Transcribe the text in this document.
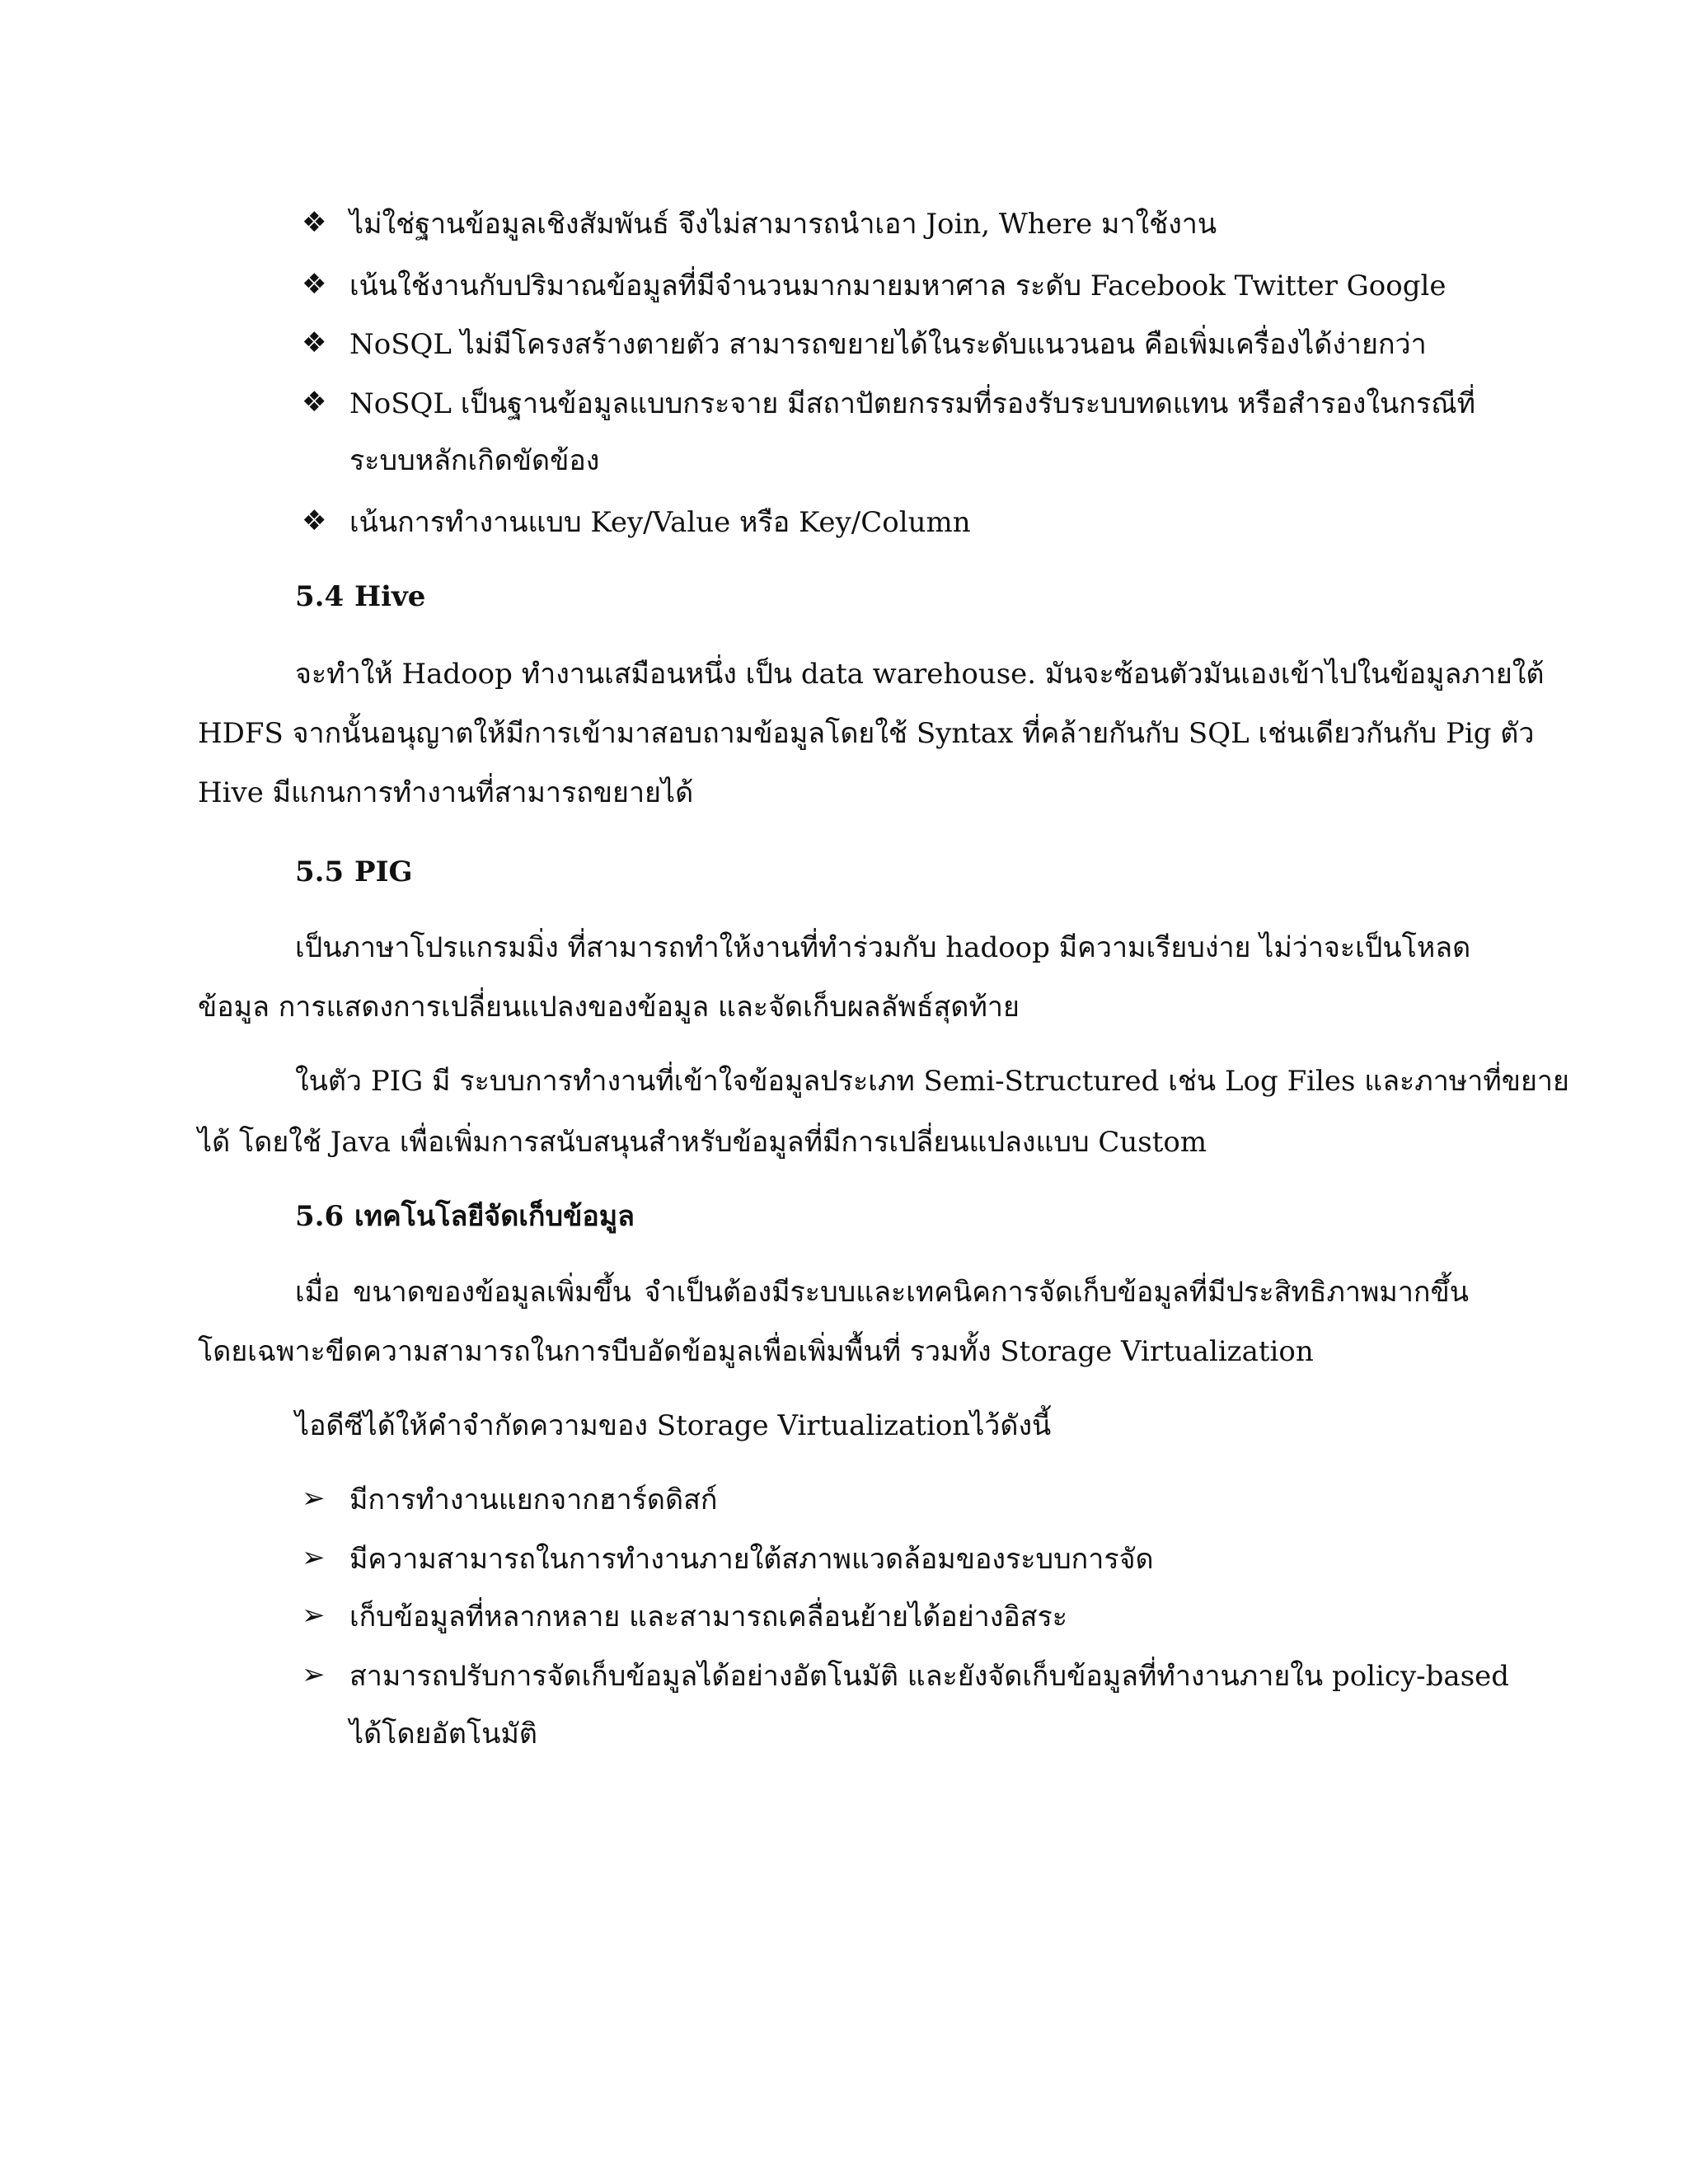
❖ ไม่ใช่ฐานข้อมูลเชิงสัมพันธ์ จึงไม่สามารถนำเอา Join, Where มาใช้งาน
❖ เน้นใช้งานกับปริมาณข้อมูลที่มีจำนวนมากมายมหาศาล ระดับ Facebook Twitter Google
❖ NoSQL ไม่มีโครงสร้างตายตัว สามารถขยายได้ในระดับแนวนอน คือเพิ่มเครื่องได้ง่ายกว่า
❖ NoSQL เป็นฐานข้อมูลแบบกระจาย มีสถาปัตยกรรมที่รองรับระบบทดแทน หรือสำรองในกรณีที่
ระบบหลักเกิดขัดข้อง
❖ เน้นการทำงานแบบ Key/Value หรือ Key/Column
5.4 Hive
จะทำให้ Hadoop ทำงานเสมือนหนึ่ง เป็น data warehouse. มันจะซ้อนตัวมันเองเข้าไปในข้อมูลภายใต้
HDFS จากนั้นอนุญาตให้มีการเข้ามาสอบถามข้อมูลโดยใช้ Syntax ที่คล้ายกันกับ SQL เช่นเดียวกันกับ Pig ตัว
Hive มีแกนการทำงานที่สามารถขยายได้
5.5 PIG
เป็นภาษาโปรแกรมมิ่ง ที่สามารถทำให้งานที่ทำร่วมกับ hadoop มีความเรียบง่าย ไม่ว่าจะเป็นโหลด
ข้อมูล การแสดงการเปลี่ยนแปลงของข้อมูล และจัดเก็บผลลัพธ์สุดท้าย
ในตัว PIG มี ระบบการทำงานที่เข้าใจข้อมูลประเภท Semi-Structured เช่น Log Files และภาษาที่ขยาย
ได้ โดยใช้ Java เพื่อเพิ่มการสนับสนุนสำหรับข้อมูลที่มีการเปลี่ยนแปลงแบบ Custom
5.6 เทคโนโลยีจัดเก็บข้อมูล
เมื่อ ขนาดของข้อมูลเพิ่มขึ้น จำเป็นต้องมีระบบและเทคนิคการจัดเก็บข้อมูลที่มีประสิทธิภาพมากขึ้น
โดยเฉพาะขีดความสามารถในการบีบอัดข้อมูลเพื่อเพิ่มพื้นที่ รวมทั้ง Storage Virtualization
ไอดีซีได้ให้คำจำกัดความของ Storage Virtualizationไว้ดังนี้
➢ มีการทำงานแยกจากฮาร์ดดิสก์
➢ มีความสามารถในการทำงานภายใต้สภาพแวดล้อมของระบบการจัด
➢ เก็บข้อมูลที่หลากหลาย และสามารถเคลื่อนย้ายได้อย่างอิสระ
➢ สามารถปรับการจัดเก็บข้อมูลได้อย่างอัตโนมัติ และยังจัดเก็บข้อมูลที่ทำงานภายใน policy-based
ได้โดยอัตโนมัติ
